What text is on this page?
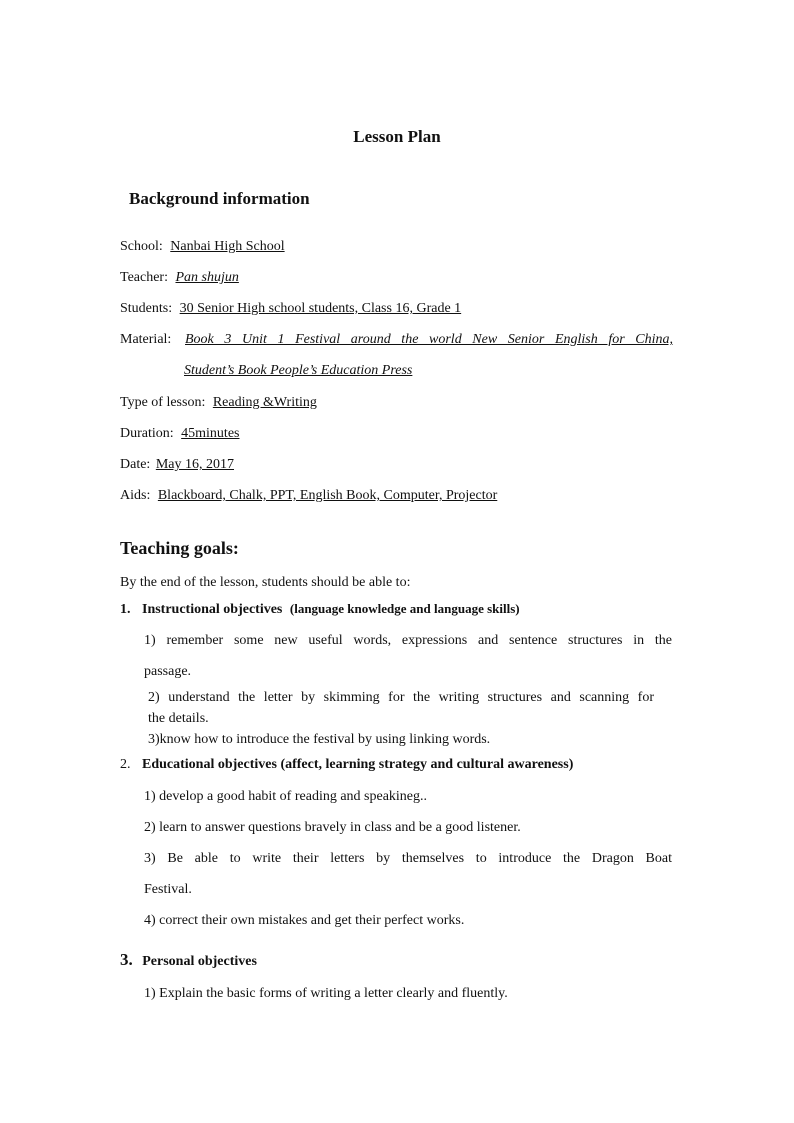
Lesson Plan
Background information
School: Nanbai High School
Teacher: Pan shujun
Students: 30 Senior High school students, Class 16, Grade 1
Material: Book 3 Unit 1 Festival around the world New Senior English for China,
Student’s Book People’s Education Press
Type of lesson: Reading &Writing
Duration: 45minutes
Date: May 16, 2017
Aids: Blackboard, Chalk, PPT, English Book, Computer, Projector
Teaching goals:
By the end of the lesson, students should be able to:
1. Instructional objectives (language knowledge and language skills)
1) remember some new useful words, expressions and sentence structures in the
passage.
2) understand the letter by skimming for the writing structures and scanning for
the details.
3)know how to introduce the festival by using linking words.
2. Educational objectives (affect, learning strategy and cultural awareness)
1) develop a good habit of reading and speakineg..
2) learn to answer questions bravely in class and be a good listener.
3) Be able to write their letters by themselves to introduce the Dragon Boat
Festival.
4) correct their own mistakes and get their perfect works.
3. Personal objectives
1) Explain the basic forms of writing a letter clearly and fluently.
